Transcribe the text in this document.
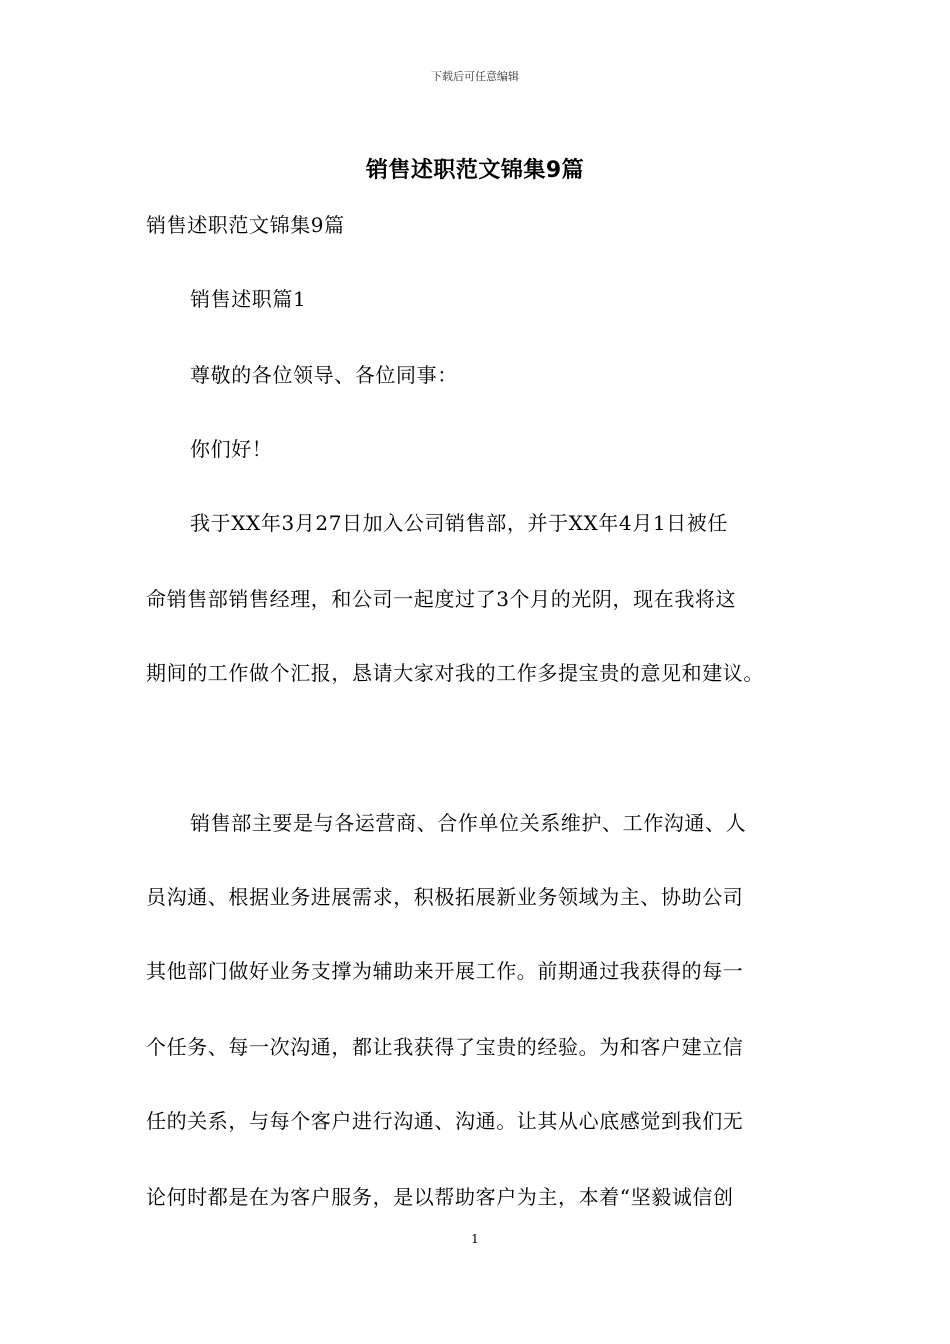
下载后可任意编辑
销售述职范文锦集9篇
销售述职范文锦集9篇
销售述职篇1
尊敬的各位领导、各位同事：
你们好！
我于XX年3月27日加入公司销售部，并于XX年4月1日被任
命销售部销售经理，和公司一起度过了3个月的光阴，现在我将这
期间的工作做个汇报，恳请大家对我的工作多提宝贵的意见和建议。
销售部主要是与各运营商、合作单位关系维护、工作沟通、人
员沟通、根据业务进展需求，积极拓展新业务领域为主、协助公司
其他部门做好业务支撑为辅助来开展工作。前期通过我获得的每一
个任务、每一次沟通，都让我获得了宝贵的经验。为和客户建立信
任的关系，与每个客户进行沟通、沟通。让其从心底感觉到我们无
论何时都是在为客户服务，是以帮助客户为主，本着“坚毅诚信创
1
